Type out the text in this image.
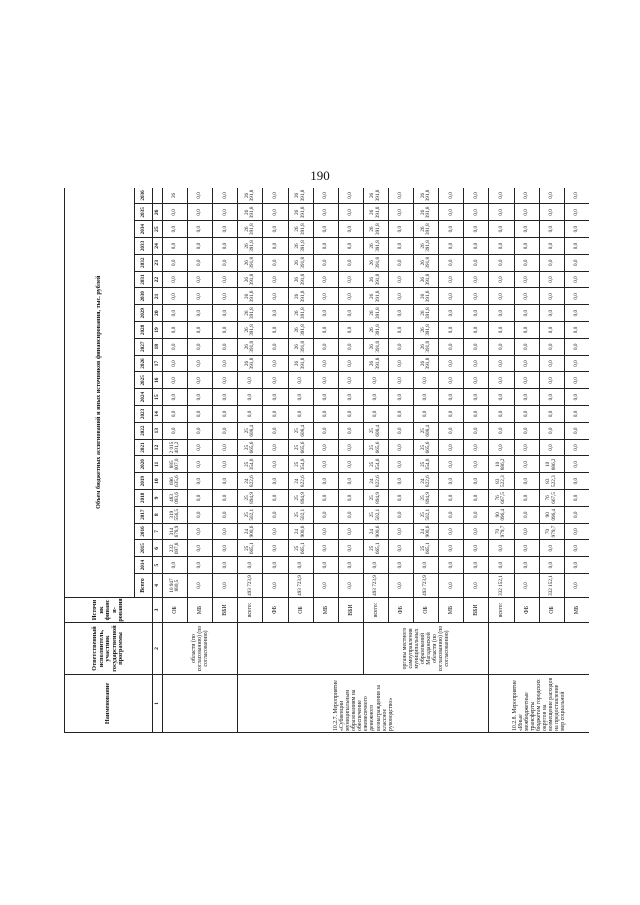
190
Наименование	Ответственный исполнитель, участник государственной программы	Источник финанси-рования	Объем бюджетных ассигнований и иных источников финансирования, тыс. рублей																							
			Всего	2014	2015	2016	2017	2018	2019	2020	2021	2022	2023	2024	2025	2026	2027	2028	2029	2030	2031	2032	2033	2034	2035	2036
1	2	3	4	5	6	7	8	9	10	11	12	13	14	15	16	17	18	19	20	21	22	23	24	25	26	
	области (по согласованию) (по согласованию)	ОБ	10 947 880,5	0,0	232 697,8	314 678,9	319 556,5	483 093,6	696 635,6	885 007,0	2 015 401,2	0,0	0,0	0,0	0,0	0,0	0,0	0,0	0,0	0,0	0,0	0,0	0,0	0,0	0,0	26
		МБ	0,0	0,0	0,0	0,0	0,0	0,0	0,0	0,0	0,0	0,0	0,0	0,0	0,0	0,0	0,0	0,0	0,0	0,0	0,0	0,0	0,0	0,0	0,0	0,0
		ВБИ	0,0	0,0	0,0	0,0	0,0	0,0	0,0	0,0	0,0	0,0	0,0	0,0	0,0	0,0	0,0	0,0	0,0	0,0	0,0	0,0	0,0	0,0	0,0	0,0
10.2.7. Мероприятие «Субвенции муниципальным образованиям на обеспечение ежемесячного денежного вознаграждения за классное руководство»		всего:	493 723,9	0,0	25 665,1	24 900,6	25 502,1	25 894,9	24 822,6	25 354,8	25 665,6	25 608,4	0,0	0,0	0,0	26 391,8	26 391,8	26 391,8	26 391,8	26 391,8	26 391,8	26 391,8	26 391,8	26 391,8	26 391,8	26 391,8
		ФБ	0,0	0,0	0,0	0,0	0,0	0,0	0,0	0,0	0,0	0,0	0,0	0,0	0,0	0,0	0,0	0,0	0,0	0,0	0,0	0,0	0,0	0,0	0,0	0,0
		ОБ	493 723,9	0,0	25 665,1	24 900,6	25 502,1	25 894,9	24 822,6	25 354,8	25 665,6	25 608,4	0,0	0,0	0,0	26 391,8	26 391,8	26 391,8	26 391,8	26 391,8	26 391,8	26 391,8	26 391,8	26 391,8	26 391,8	26 391,8
		МБ	0,0	0,0	0,0	0,0	0,0	0,0	0,0	0,0	0,0	0,0	0,0	0,0	0,0	0,0	0,0	0,0	0,0	0,0	0,0	0,0	0,0	0,0	0,0	0,0
		ВБИ	0,0	0,0	0,0	0,0	0,0	0,0	0,0	0,0	0,0	0,0	0,0	0,0	0,0	0,0	0,0	0,0	0,0	0,0	0,0	0,0	0,0	0,0	0,0	0,0
	органы местного самоуправления муниципальных образований Магаданской области (по согласованию) (по согласованию)	всего:	493 723,9	0,0	25 665,1	24 900,6	25 502,1	25 894,9	24 822,6	25 354,8	25 665,6	25 608,4	0,0	0,0	0,0	26 391,8	26 391,8	26 391,8	26 391,8	26 391,8	26 391,8	26 391,8	26 391,8	26 391,8	26 391,8	26 391,8
		ФБ	0,0	0,0	0,0	0,0	0,0	0,0	0,0	0,0	0,0	0,0	0,0	0,0	0,0	0,0	0,0	0,0	0,0	0,0	0,0	0,0	0,0	0,0	0,0	0,0
		ОБ	493 723,9	0,0	25 665,1	24 900,6	25 502,1	25 894,9	24 822,6	25 354,8	25 665,6	25 608,4	0,0	0,0	0,0	26 391,8	26 391,8	26 391,8	26 391,8	26 391,8	26 391,8	26 391,8	26 391,8	26 391,8	26 391,8	26 391,8
		МБ	0,0	0,0	0,0	0,0	0,0	0,0	0,0	0,0	0,0	0,0	0,0	0,0	0,0	0,0	0,0	0,0	0,0	0,0	0,0	0,0	0,0	0,0	0,0	0,0
		ВБИ	0,0	0,0	0,0	0,0	0,0	0,0	0,0	0,0	0,0	0,0	0,0	0,0	0,0	0,0	0,0	0,0	0,0	0,0	0,0	0,0	0,0	0,0	0,0	0,0
10.2.8. Мероприятие «Иные межбюджетные трансферты бюджетам городских округов на возмещение расходов на предоставление мер социальной		всего:	332 152,1	0,0	0,0	70 979,7	90 096,4	76 667,5	83 522,3	10 886,2	0,0	0,0	0,0	0,0	0,0	0,0	0,0	0,0	0,0	0,0	0,0	0,0	0,0	0,0	0,0	0,0
		ФБ	0,0	0,0	0,0	0,0	0,0	0,0	0,0	0,0	0,0	0,0	0,0	0,0	0,0	0,0	0,0	0,0	0,0	0,0	0,0	0,0	0,0	0,0	0,0	0,0
		ОБ	332 152,1	0,0	0,0	70 979,7	90 096,4	76 667,5	83 522,3	10 886,2	0,0	0,0	0,0	0,0	0,0	0,0	0,0	0,0	0,0	0,0	0,0	0,0	0,0	0,0	0,0	0,0
		МБ	0,0	0,0	0,0	0,0	0,0	0,0	0,0	0,0	0,0	0,0	0,0	0,0	0,0	0,0	0,0	0,0	0,0	0,0	0,0	0,0	0,0	0,0	0,0	0,0
